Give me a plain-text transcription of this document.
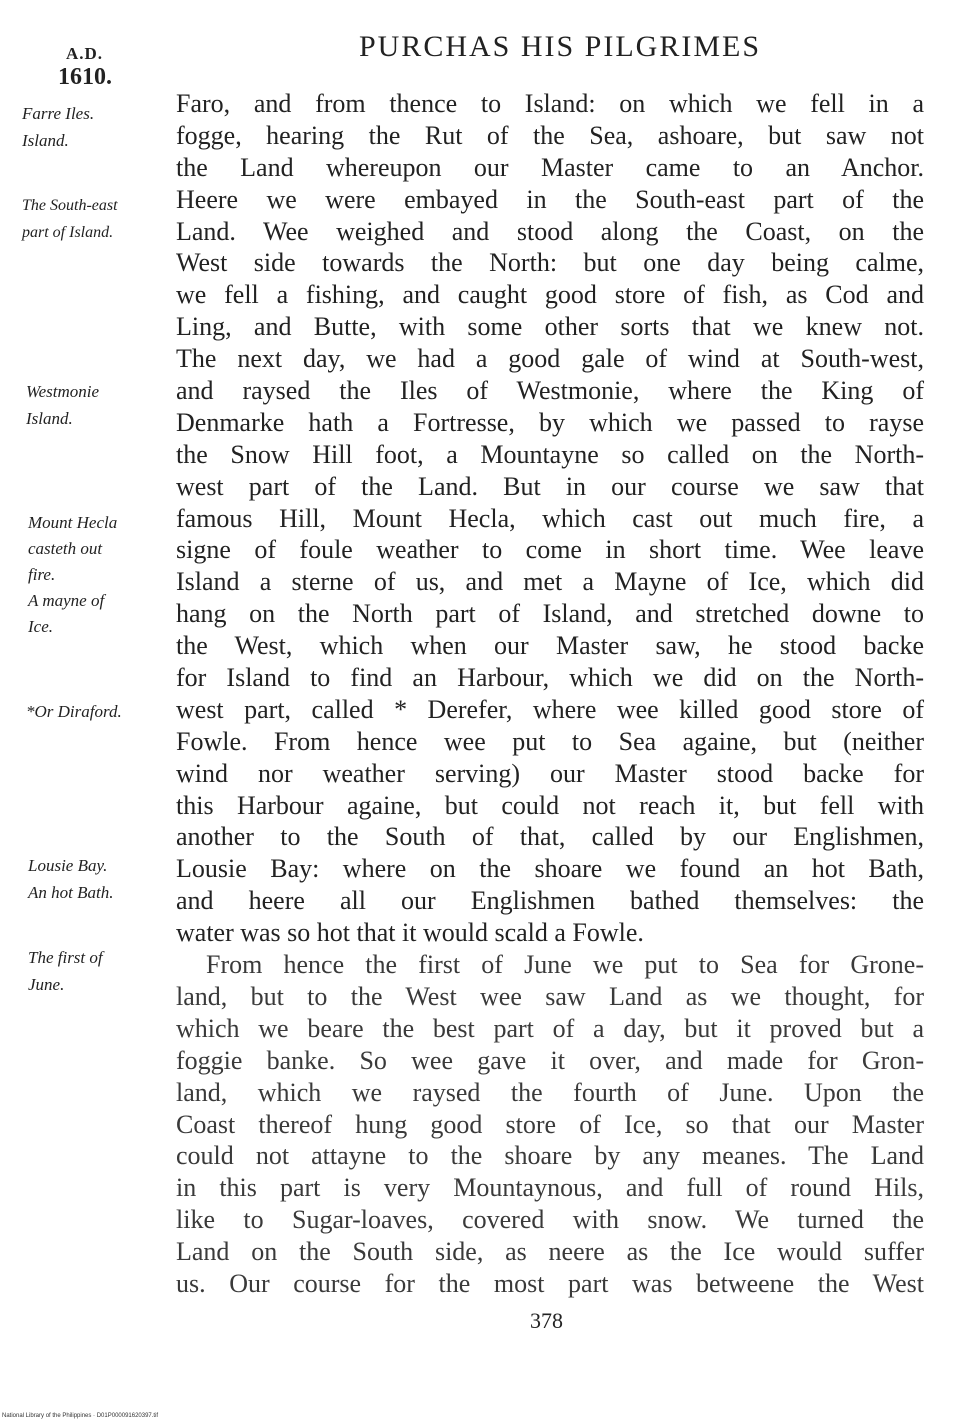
A.D.
1610.
PURCHAS HIS PILGRIMES
Farre Iles.
Island.
The South-east
part of Island.
Westmonie
Island.
Mount Hecla
casteth out
fire.
A mayne of
Ice.
*Or Diraford.
Lousie Bay.
An hot Bath.
The first of
June.
Faro, and from thence to Island: on which we fell in a
fogge, hearing the Rut of the Sea, ashoare, but saw not
the Land whereupon our Master came to an Anchor.
Heere we were embayed in the South-east part of the
Land. Wee weighed and stood along the Coast, on the
West side towards the North: but one day being calme,
we fell a fishing, and caught good store of fish, as Cod and
Ling, and Butte, with some other sorts that we knew not.
The next day, we had a good gale of wind at South-west,
and raysed the Iles of Westmonie, where the King of
Denmarke hath a Fortresse, by which we passed to rayse
the Snow Hill foot, a Mountayne so called on the North-
west part of the Land. But in our course we saw that
famous Hill, Mount Hecla, which cast out much fire, a
signe of foule weather to come in short time. Wee leave
Island a sterne of us, and met a Mayne of Ice, which did
hang on the North part of Island, and stretched downe to
the West, which when our Master saw, he stood backe
for Island to find an Harbour, which we did on the North-
west part, called * Derefer, where wee killed good store of
Fowle. From hence wee put to Sea againe, but (neither
wind nor weather serving) our Master stood backe for
this Harbour againe, but could not reach it, but fell with
another to the South of that, called by our Englishmen,
Lousie Bay: where on the shoare we found an hot Bath,
and heere all our Englishmen bathed themselves: the
water was so hot that it would scald a Fowle.
From hence the first of June we put to Sea for Grone-
land, but to the West wee saw Land as we thought, for
which we beare the best part of a day, but it proved but a
foggie banke. So wee gave it over, and made for Gron-
land, which we raysed the fourth of June. Upon the
Coast thereof hung good store of Ice, so that our Master
could not attayne to the shoare by any meanes. The Land
in this part is very Mountaynous, and full of round Hils,
like to Sugar-loaves, covered with snow. We turned the
Land on the South side, as neere as the Ice would suffer
us. Our course for the most part was betweene the West
378
National Library of the Philippines · D01P000091620397.tif
